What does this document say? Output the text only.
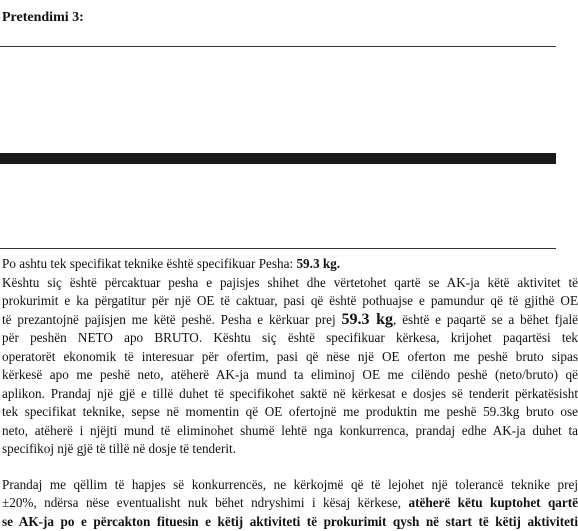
Pretendimi 3:

Po ashtu tek specifikat teknike është specifikuar Pesha: 59.3 kg.

Kështu siç është përcaktuar pesha e pajisjes shihet dhe vërtetohet qartë se AK-ja këtë aktivitet të

prokurimit e ka përgatitur për një OE të caktuar, pasi që është pothuajse e pamundur që të gjithë OE

të prezantojnë pajisjen me këtë peshë. Pesha e kërkuar prej 59.3 kg, është e paqartë se a bëhet fjalë

për peshën NETO apo BRUTO. Kështu siç është specifikuar kërkesa, krijohet paqartësi tek

operatorët ekonomik të interesuar për ofertim, pasi që nëse një OE oferton me peshë bruto sipas

kërkesë apo me peshë neto, atëherë AK-ja mund ta eliminoj OE me cilëndo peshë (neto/bruto) që

aplikon. Prandaj një gjë e tillë duhet të specifikohet saktë në kërkesat e dosjes së tenderit përkatësisht

tek specifikat teknike, sepse në momentin që OE ofertojnë me produktin me peshë 59.3kg bruto ose

neto, atëherë i njëjti mund të eliminohet shumë lehtë nga konkurrenca, prandaj edhe AK-ja duhet ta

specifikoj një gjë të tillë në dosje të tenderit.

Prandaj me qëllim të hapjes së konkurrencës, ne kërkojmë që të lejohet një tolerancë teknike prej

±20%, ndërsa nëse eventualisht nuk bëhet ndryshimi i kësaj kërkese, atëherë këtu kuptohet qartë

se AK-ja po e përcakton fituesin e këtij aktiviteti të prokurimit qysh në start të këtij aktiviteti
